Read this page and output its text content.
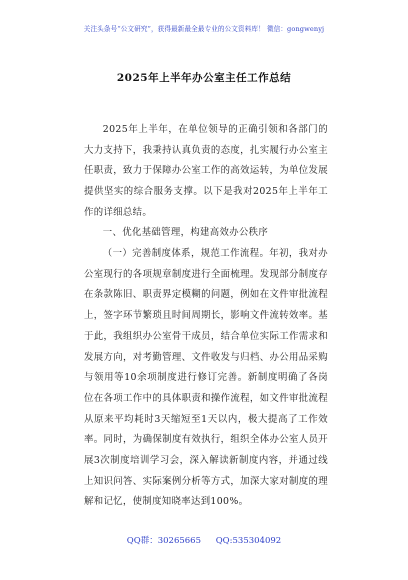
关注头条号“公文研究”，获得最新最全最专业的公文资料库！ 微信：gongwenyj
2025年上半年办公室主任工作总结

2025年上半年，在单位领导的正确引领和各部门的大力支持下，我秉持认真负责的态度，扎实履行办公室主任职责，致力于保障办公室工作的高效运转，为单位发展提供坚实的综合服务支撑。以下是我对2025年上半年工作的详细总结。

一、优化基础管理，构建高效办公秩序

（一）完善制度体系，规范工作流程。年初，我对办公室现行的各项规章制度进行全面梳理。发现部分制度存在条款陈旧、职责界定模糊的问题，例如在文件审批流程上，签字环节繁琐且时间周期长，影响文件流转效率。基于此，我组织办公室骨干成员，结合单位实际工作需求和发展方向，对考勤管理、文件收发与归档、办公用品采购与领用等10余项制度进行修订完善。新制度明确了各岗位在各项工作中的具体职责和操作流程，如文件审批流程从原来平均耗时3天缩短至1天以内，极大提高了工作效率。同时，为确保制度有效执行，组织全体办公室人员开展3次制度培训学习会，深入解读新制度内容，并通过线上知识问答、实际案例分析等方式，加深大家对制度的理解和记忆，使制度知晓率达到100%。

QQ群：30265665 QQ:535304092
